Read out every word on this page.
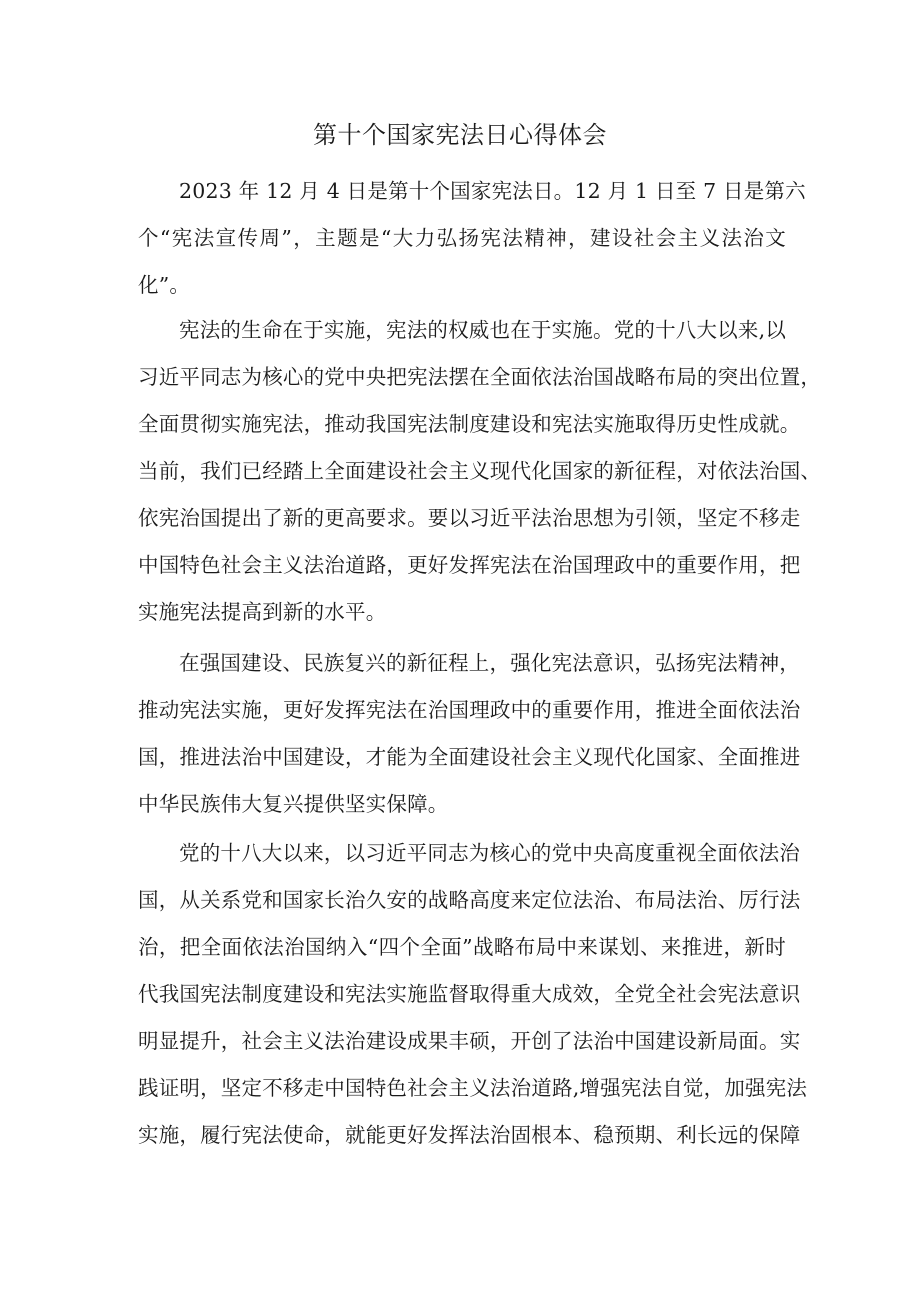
第十个国家宪法日心得体会

2023 年 12 月 4 日是第十个国家宪法日。12 月 1 日至 7 日是第六
个“宪法宣传周”，主题是“大力弘扬宪法精神，建设社会主义法治文
化”。

宪法的生命在于实施，宪法的权威也在于实施。党的十八大以来,以
习近平同志为核心的党中央把宪法摆在全面依法治国战略布局的突出位置，
全面贯彻实施宪法，推动我国宪法制度建设和宪法实施取得历史性成就。
当前，我们已经踏上全面建设社会主义现代化国家的新征程，对依法治国、
依宪治国提出了新的更高要求。要以习近平法治思想为引领，坚定不移走
中国特色社会主义法治道路，更好发挥宪法在治国理政中的重要作用，把
实施宪法提高到新的水平。

在强国建设、民族复兴的新征程上，强化宪法意识，弘扬宪法精神，
推动宪法实施，更好发挥宪法在治国理政中的重要作用，推进全面依法治
国，推进法治中国建设，才能为全面建设社会主义现代化国家、全面推进
中华民族伟大复兴提供坚实保障。

党的十八大以来，以习近平同志为核心的党中央高度重视全面依法治
国，从关系党和国家长治久安的战略高度来定位法治、布局法治、厉行法
治，把全面依法治国纳入“四个全面”战略布局中来谋划、来推进，新时
代我国宪法制度建设和宪法实施监督取得重大成效，全党全社会宪法意识
明显提升，社会主义法治建设成果丰硕，开创了法治中国建设新局面。实
践证明，坚定不移走中国特色社会主义法治道路,增强宪法自觉，加强宪法
实施，履行宪法使命，就能更好发挥法治固根本、稳预期、利长远的保障
